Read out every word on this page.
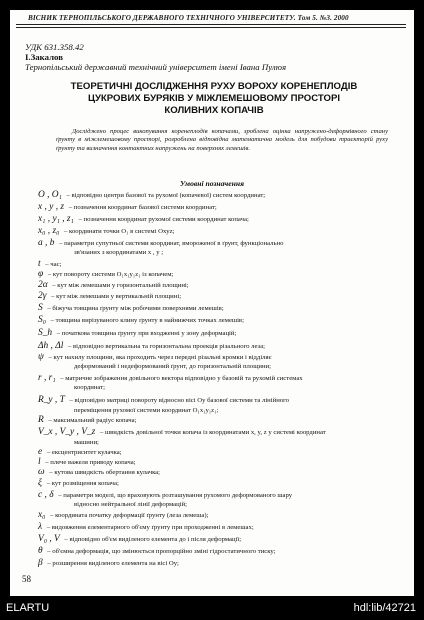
ВІСНИК ТЕРНОПІЛЬСЬКОГО ДЕРЖАВНОГО ТЕХНІЧНОГО УНІВЕРСИТЕТУ. Том 5. №3. 2000
УДК 631.358.42
І.Закалов
Тернопільський державний технічний університет імені Івана Пулюя
ТЕОРЕТИЧНІ ДОСЛІДЖЕННЯ РУХУ ВОРОХУ КОРЕНЕПЛОДІВ
ЦУКРОВИХ БУРЯКІВ У МІЖЛЕМЕШОВОМУ ПРОСТОРІ
КОЛИВНИХ КОПАЧІВ
Досліджено процес викопування коренеплодів копачами, зроблена оцінка напружено-деформівного стану ґрунту в міжлемешовому просторі, розроблена відповідна математична модель для побудови траєкторій руху ґрунту та визначення контактних напружень на поверхнях лемешів.
Умовні позначення
O , O₁ – відповідно центри базової та рухомої (копачевої) систем координат;
x , y , z – позначення координат базової системи координат;
x₁ , y₁ , z₁ – позначення координат рухомої системи координат копача;
x₀ , z₀ – координати точки O₁ в системі Oxyz;
a , b – параметри супутньої системи координат, вмороженої в ґрунт, функціонально
зв'язаних з координатами x , y ;
t – час;
φ – кут повороту системи O₁x₁y₁z₁ із копачем;
2α – кут між лемешами у горизонтальній площині;
2γ – кут між лемешами у вертикальній площині;
S – біжуча товщина ґрунту між робочими поверхнями лемешів;
S₀ – товщина вирізуваного клину ґрунту в найнижчих точках лемешів;
S_h – початкова товщина ґрунту при входженні у зону деформацій;
Δh , Δl – відповідно вертикальна та горизонтальна проекція різального леза;
ψ – кут нахилу площини, яка проходить через передні різальні кромки і відділяє
деформований і недеформований ґрунт, до горизонтальній площини;
r , r₁ – матричне зображення довільного вектора відповідно у базовій та рухомій системах
координат;
R_y , T – відповідно матриці повороту відносно вісі Oy базової системи та лінійного
переміщення рухомої системи координат O₁x₁y₁z₁;
R – максимальний радіус копача;
V_x , V_y , V_z – швидкість довільної точки копача із координатами x, y, z у системі координат
машини;
e – ексцентриситет кулачка;
l – плече важеля приводу копача;
ω – кутова швидкість обертання кулачка;
ξ – кут розміщення копача;
c , δ – параметри моделі, що враховують розташування рухомого деформованого шару
відносно нейтральної лінії деформацій;
x₀ – координата початку деформації ґрунту (леза лемеша);
λ – видовження елементарного об'єму ґрунту при проходженні в лемешах;
V₀ , V – відповідно об'єм виділеного елемента до і після деформації;
θ – об'ємна деформація, що змінюється пропорційно зміні гідростатичного тиску;
β – розширення виділеного елемента на вісі Oy;
58
ELARTU	hdl:lib/42721
